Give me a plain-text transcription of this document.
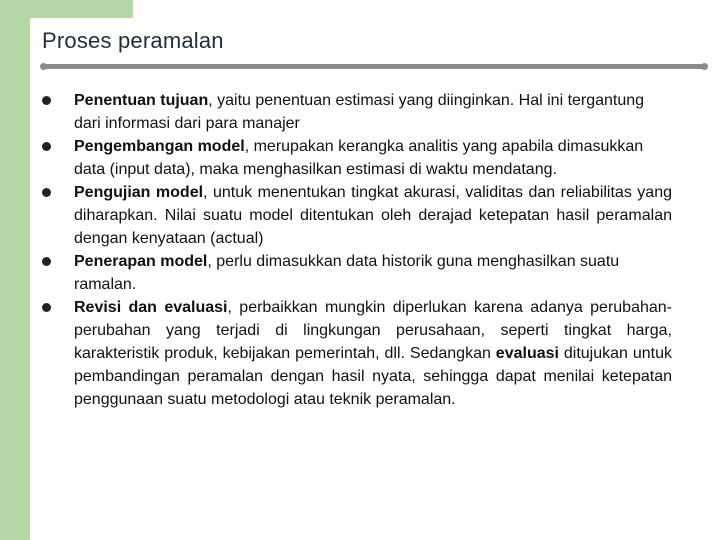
Proses peramalan
Penentuan tujuan, yaitu penentuan estimasi yang diinginkan. Hal ini tergantung dari informasi dari para manajer
Pengembangan model, merupakan kerangka analitis yang apabila dimasukkan data (input data), maka menghasilkan estimasi di waktu mendatang.
Pengujian model, untuk menentukan tingkat akurasi, validitas dan reliabilitas yang diharapkan. Nilai suatu model ditentukan oleh derajad ketepatan hasil peramalan dengan kenyataan (actual)
Penerapan model, perlu dimasukkan data historik guna menghasilkan suatu ramalan.
Revisi dan evaluasi, perbaikkan mungkin diperlukan karena adanya perubahan-perubahan yang terjadi di lingkungan perusahaan, seperti tingkat harga, karakteristik produk, kebijakan pemerintah, dll. Sedangkan evaluasi ditujukan untuk pembandingan peramalan dengan hasil nyata, sehingga dapat menilai ketepatan penggunaan suatu metodologi atau teknik peramalan.
